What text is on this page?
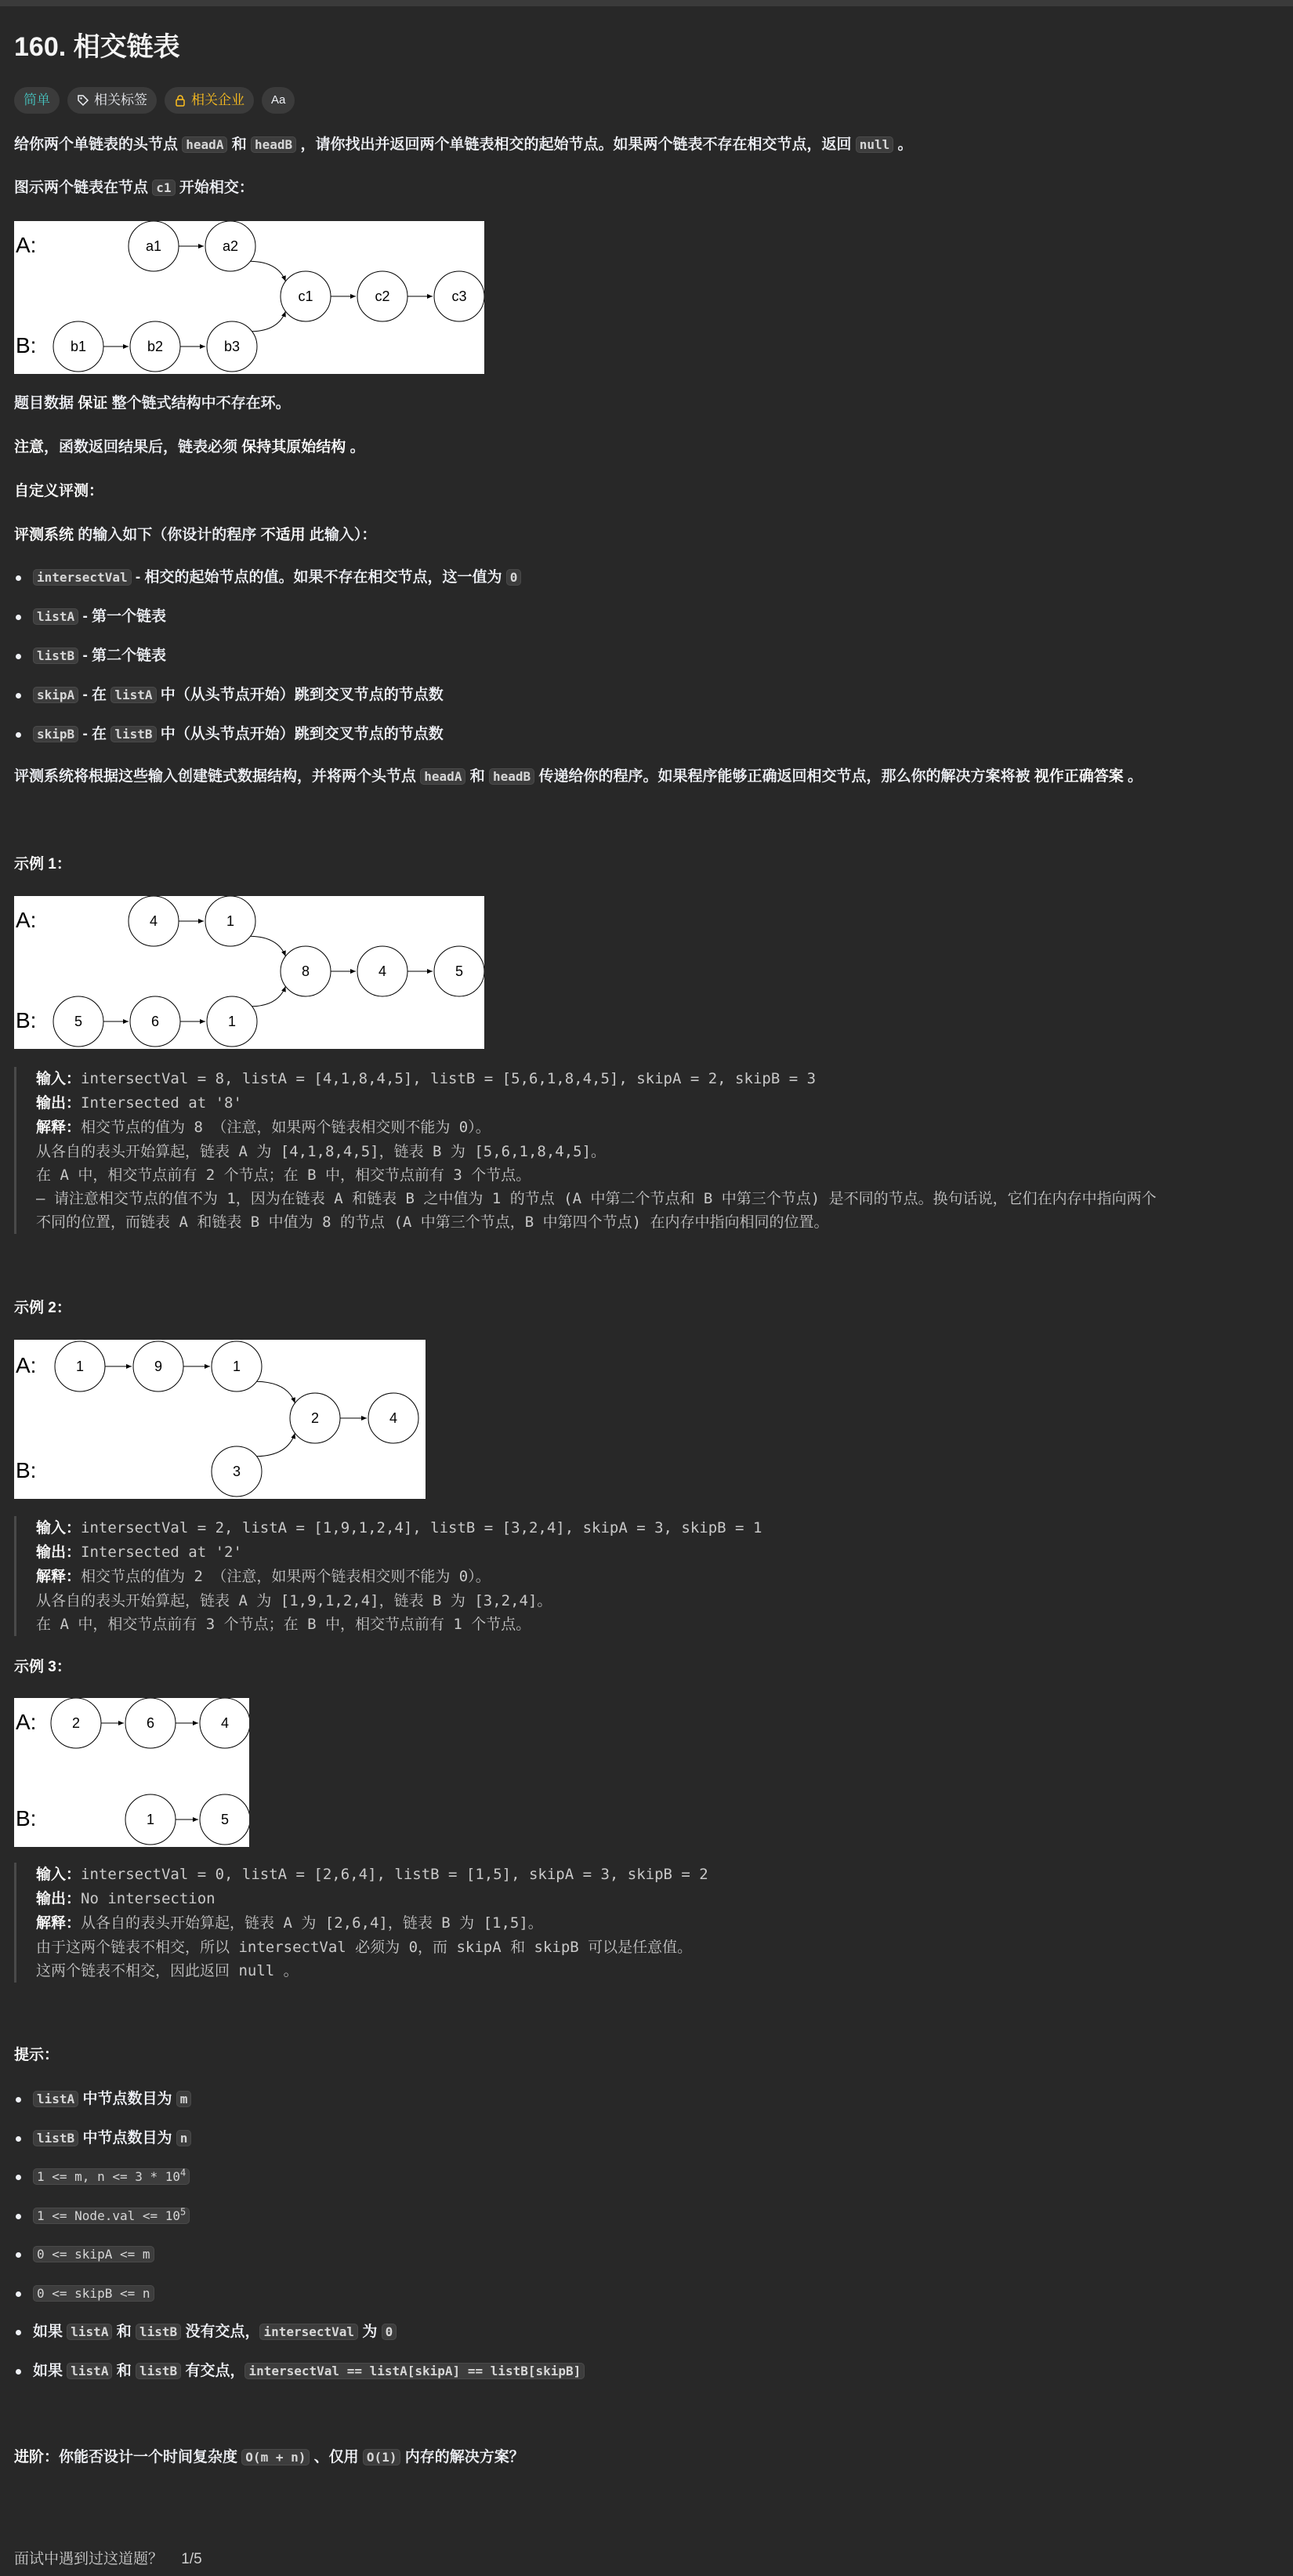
160. 相交链表
简单	相关标签	相关企业 Aa
给你两个单链表的头节点 headA 和 headB ，请你找出并返回两个单链表相交的起始节点。如果两个链表不存在相交节点，返回 null 。
图示两个链表在节点 c1 开始相交：
A:
B:
a1	a2
b1	b2	b3
c1	c2	c3
题目数据 保证 整个链式结构中不存在环。
注意，函数返回结果后，链表必须 保持其原始结构 。
自定义评测：
评测系统 的输入如下（你设计的程序 不适用 此输入）：
intersectVal - 相交的起始节点的值。如果不存在相交节点，这一值为 0
listA - 第一个链表
listB - 第二个链表
skipA - 在 listA 中（从头节点开始）跳到交叉节点的节点数
skipB - 在 listB 中（从头节点开始）跳到交叉节点的节点数
评测系统将根据这些输入创建链式数据结构，并将两个头节点 headA 和 headB 传递给你的程序。如果程序能够正确返回相交节点，那么你的解决方案将被 视作正确答案 。
示例 1：
A:
B:
4	1
5	6	1
8	4	5
输入：intersectVal = 8, listA = [4,1,8,4,5], listB = [5,6,1,8,4,5], skipA = 2, skipB = 3
输出：Intersected at '8'
解释：相交节点的值为 8 （注意，如果两个链表相交则不能为 0）。
从各自的表头开始算起，链表 A 为 [4,1,8,4,5]，链表 B 为 [5,6,1,8,4,5]。
在 A 中，相交节点前有 2 个节点；在 B 中，相交节点前有 3 个节点。
— 请注意相交节点的值不为 1，因为在链表 A 和链表 B 之中值为 1 的节点 (A 中第二个节点和 B 中第三个节点) 是不同的节点。换句话说，它们在内存中指向两个
不同的位置，而链表 A 和链表 B 中值为 8 的节点 (A 中第三个节点，B 中第四个节点) 在内存中指向相同的位置。
示例 2：
A:
B:
1	9	1
3
2	4
输入：intersectVal = 2, listA = [1,9,1,2,4], listB = [3,2,4], skipA = 3, skipB = 1
输出：Intersected at '2'
解释：相交节点的值为 2 （注意，如果两个链表相交则不能为 0）。
从各自的表头开始算起，链表 A 为 [1,9,1,2,4]，链表 B 为 [3,2,4]。
在 A 中，相交节点前有 3 个节点；在 B 中，相交节点前有 1 个节点。
示例 3：
A:
B:
2	6	4
1	5
输入：intersectVal = 0, listA = [2,6,4], listB = [1,5], skipA = 3, skipB = 2
输出：No intersection
解释：从各自的表头开始算起，链表 A 为 [2,6,4]，链表 B 为 [1,5]。
由于这两个链表不相交，所以 intersectVal 必须为 0，而 skipA 和 skipB 可以是任意值。
这两个链表不相交，因此返回 null 。
提示：
listA 中节点数目为 m
listB 中节点数目为 n
1 <= m, $n <= 3 * 10^4$
1 <= Node.val <= $10^5$
0 <= skipA <= m
0 <= skipB <= n
如果 listA 和 listB 没有交点， intersectVal 为 0
如果 listA 和 listB 有交点， intersectVal == listA[skipA] == listB[skipB]
进阶：你能否设计一个时间复杂度 O(m + n) 、仅用 O(1) 内存的解决方案？
面试中遇到过这道题？ 1/5
